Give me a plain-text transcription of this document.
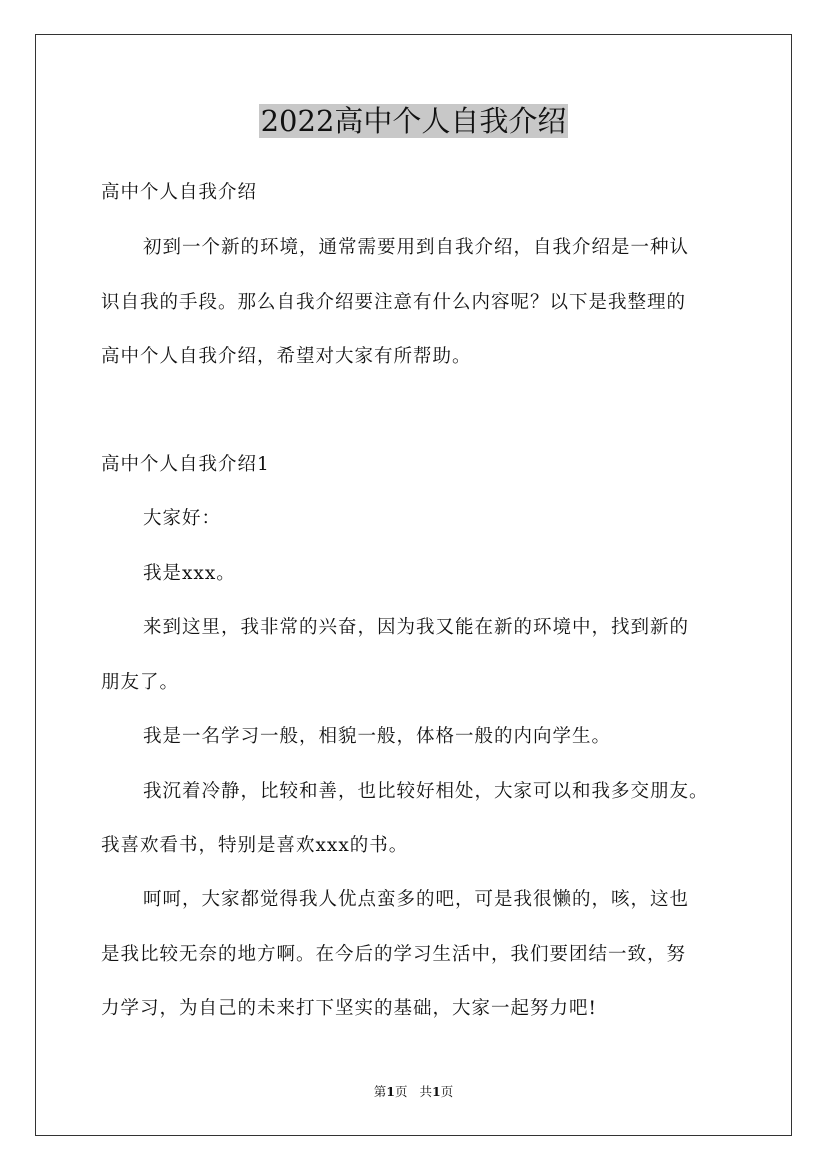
2022高中个人自我介绍

高中个人自我介绍

初到一个新的环境，通常需要用到自我介绍，自我介绍是一种认

识自我的手段。那么自我介绍要注意有什么内容呢？以下是我整理的

高中个人自我介绍，希望对大家有所帮助。

高中个人自我介绍1

大家好：

我是xxx。

来到这里，我非常的兴奋，因为我又能在新的环境中，找到新的

朋友了。

我是一名学习一般，相貌一般，体格一般的内向学生。

我沉着冷静，比较和善，也比较好相处，大家可以和我多交朋友。

我喜欢看书，特别是喜欢xxx的书。

呵呵，大家都觉得我人优点蛮多的吧，可是我很懒的，咳，这也

是我比较无奈的地方啊。在今后的学习生活中，我们要团结一致，努

力学习，为自己的未来打下坚实的基础，大家一起努力吧!

第1页 共1页
